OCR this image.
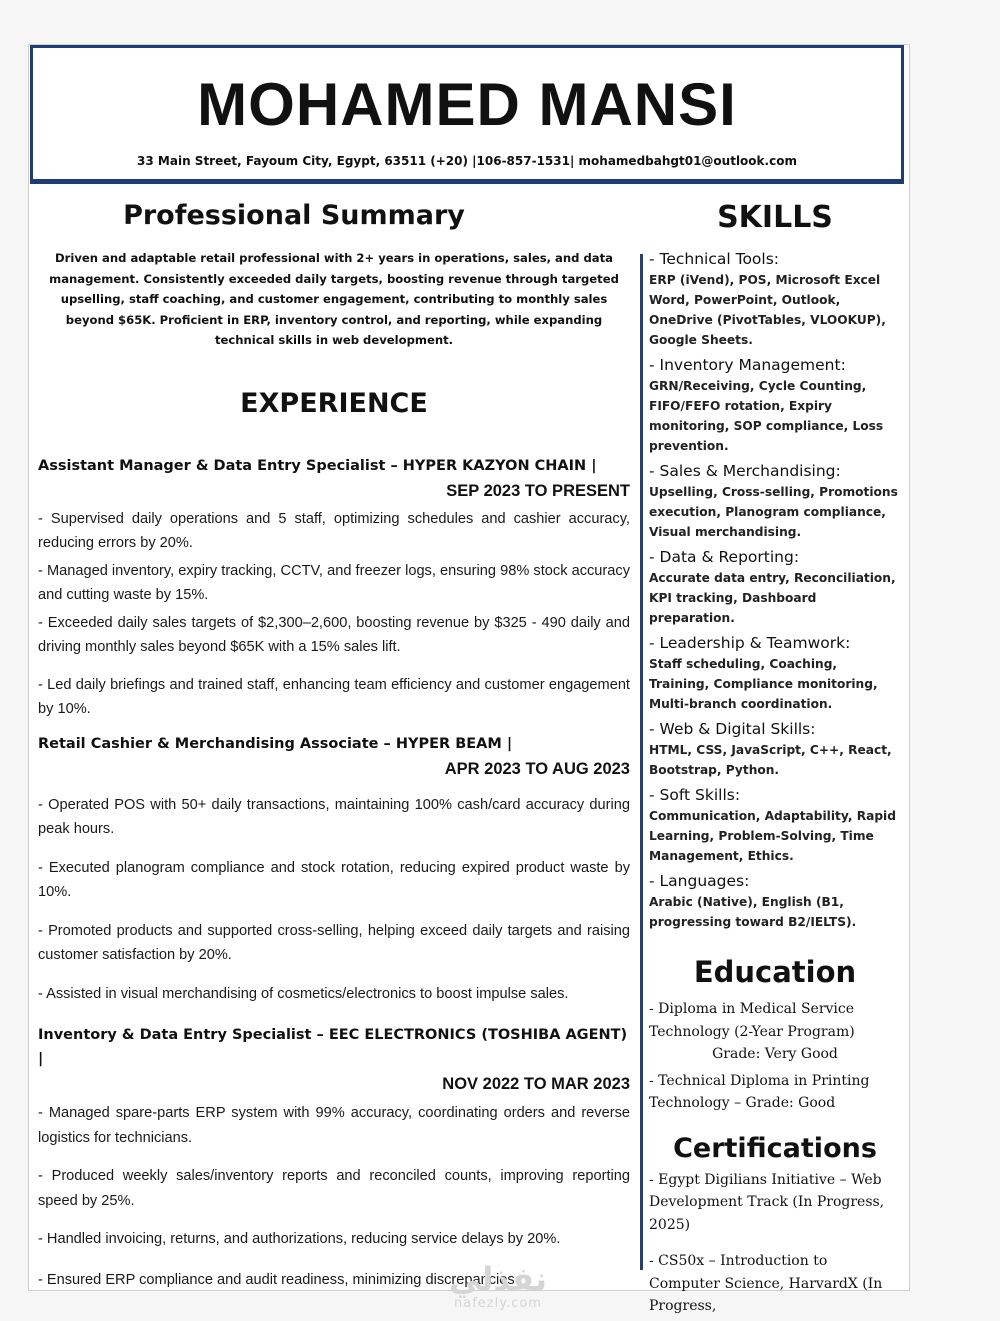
MOHAMED MANSI
33 Main Street, Fayoum City, Egypt, 63511 (+20) |106-857-1531| mohamedbahgt01@outlook.com
Professional Summary
Driven and adaptable retail professional with 2+ years in operations, sales, and data management. Consistently exceeded daily targets, boosting revenue through targeted upselling, staff coaching, and customer engagement, contributing to monthly sales beyond $65K. Proficient in ERP, inventory control, and reporting, while expanding technical skills in web development.
EXPERIENCE
Assistant Manager & Data Entry Specialist – HYPER KAZYON CHAIN |
SEP 2023 TO PRESENT
- Supervised daily operations and 5 staff, optimizing schedules and cashier accuracy, reducing errors by 20%.
- Managed inventory, expiry tracking, CCTV, and freezer logs, ensuring 98% stock accuracy and cutting waste by 15%.
- Exceeded daily sales targets of $2,300–2,600, boosting revenue by $325 - 490 daily and driving monthly sales beyond $65K with a 15% sales lift.
- Led daily briefings and trained staff, enhancing team efficiency and customer engagement by 10%.
Retail Cashier & Merchandising Associate – HYPER BEAM |
APR 2023 TO AUG 2023
- Operated POS with 50+ daily transactions, maintaining 100% cash/card accuracy during peak hours.
- Executed planogram compliance and stock rotation, reducing expired product waste by 10%.
- Promoted products and supported cross-selling, helping exceed daily targets and raising customer satisfaction by 20%.
- Assisted in visual merchandising of cosmetics/electronics to boost impulse sales.
Inventory & Data Entry Specialist – EEC ELECTRONICS (TOSHIBA AGENT) |
NOV 2022 TO MAR 2023
- Managed spare-parts ERP system with 99% accuracy, coordinating orders and reverse logistics for technicians.
- Produced weekly sales/inventory reports and reconciled counts, improving reporting speed by 25%.
- Handled invoicing, returns, and authorizations, reducing service delays by 20%.
- Ensured ERP compliance and audit readiness, minimizing discrepancies.
SKILLS
- Technical Tools:
ERP (iVend), POS, Microsoft Excel Word, PowerPoint, Outlook, OneDrive (PivotTables, VLOOKUP), Google Sheets.
- Inventory Management:
GRN/Receiving, Cycle Counting, FIFO/FEFO rotation, Expiry monitoring, SOP compliance, Loss prevention.
- Sales & Merchandising:
Upselling, Cross-selling, Promotions execution, Planogram compliance, Visual merchandising.
- Data & Reporting:
Accurate data entry, Reconciliation, KPI tracking, Dashboard preparation.
- Leadership & Teamwork:
Staff scheduling, Coaching, Training, Compliance monitoring, Multi-branch coordination.
- Web & Digital Skills:
HTML, CSS, JavaScript, C++, React, Bootstrap, Python.
- Soft Skills:
Communication, Adaptability, Rapid Learning, Problem-Solving, Time Management, Ethics.
- Languages:
Arabic (Native), English (B1, progressing toward B2/IELTS).
Education
- Diploma in Medical Service Technology (2-Year Program)
Grade: Very Good
- Technical Diploma in Printing Technology – Grade: Good
Certifications
- Egypt Digilians Initiative – Web Development Track (In Progress, 2025)
- CS50x – Introduction to Computer Science, HarvardX (In Progress,
نفذلي
nafezly.com
